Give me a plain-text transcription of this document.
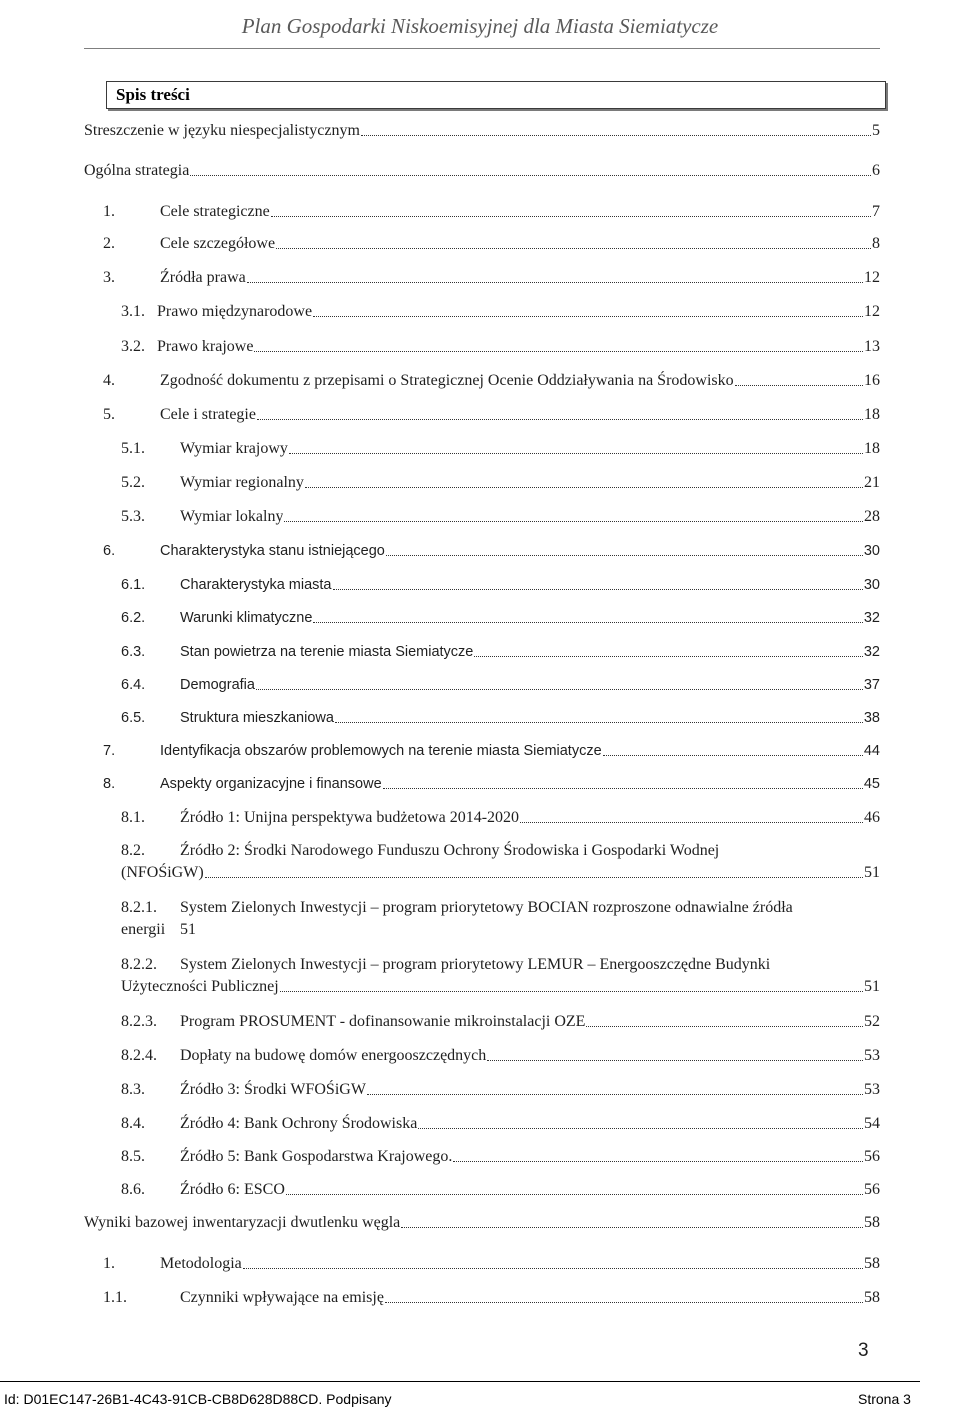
Plan Gospodarki Niskoemisyjnej dla Miasta Siemiatycze
Spis treści
Streszczenie w języku niespecjalistycznym	5
Ogólna strategia	6
1.	Cele strategiczne	7
2.	Cele szczegółowe	8
3.	Źródła prawa	12
3.1. Prawo międzynarodowe	12
3.2. Prawo krajowe	13
4.	Zgodność dokumentu z przepisami o Strategicznej Ocenie Oddziaływania na Środowisko	16
5.	Cele i strategie	18
5.1.	Wymiar krajowy	18
5.2.	Wymiar regionalny	21
5.3.	Wymiar lokalny	28
6.	Charakterystyka stanu istniejącego	30
6.1.	Charakterystyka miasta	30
6.2.	Warunki klimatyczne	32
6.3.	Stan powietrza na terenie miasta Siemiatycze	32
6.4.	Demografia	37
6.5.	Struktura mieszkaniowa	38
7.	Identyfikacja obszarów problemowych na terenie miasta Siemiatycze	44
8.	Aspekty organizacyjne i finansowe	45
8.1.	Źródło 1: Unijna perspektywa budżetowa 2014-2020	46
8.2. Źródło 2: Środki Narodowego Funduszu Ochrony Środowiska i Gospodarki Wodnej
(NFOŚiGW)	51
8.2.1. System Zielonych Inwestycji – program priorytetowy BOCIAN rozproszone odnawialne źródła
energii 51
8.2.2. System Zielonych Inwestycji – program priorytetowy LEMUR – Energooszczędne Budynki
Użyteczności Publicznej	51
8.2.3.	Program PROSUMENT - dofinansowanie mikroinstalacji OZE	52
8.2.4.	Dopłaty na budowę domów energooszczędnych	53
8.3.	Źródło 3: Środki WFOŚiGW	53
8.4.	Źródło 4: Bank Ochrony Środowiska	54
8.5.	Źródło 5: Bank Gospodarstwa Krajowego.	56
8.6.	Źródło 6: ESCO	56
Wyniki bazowej inwentaryzacji dwutlenku węgla	58
1.	Metodologia	58
1.1.	Czynniki wpływające na emisję	58
3
Id: D01EC147-26B1-4C43-91CB-CB8D628D88CD. Podpisany	Strona 3
